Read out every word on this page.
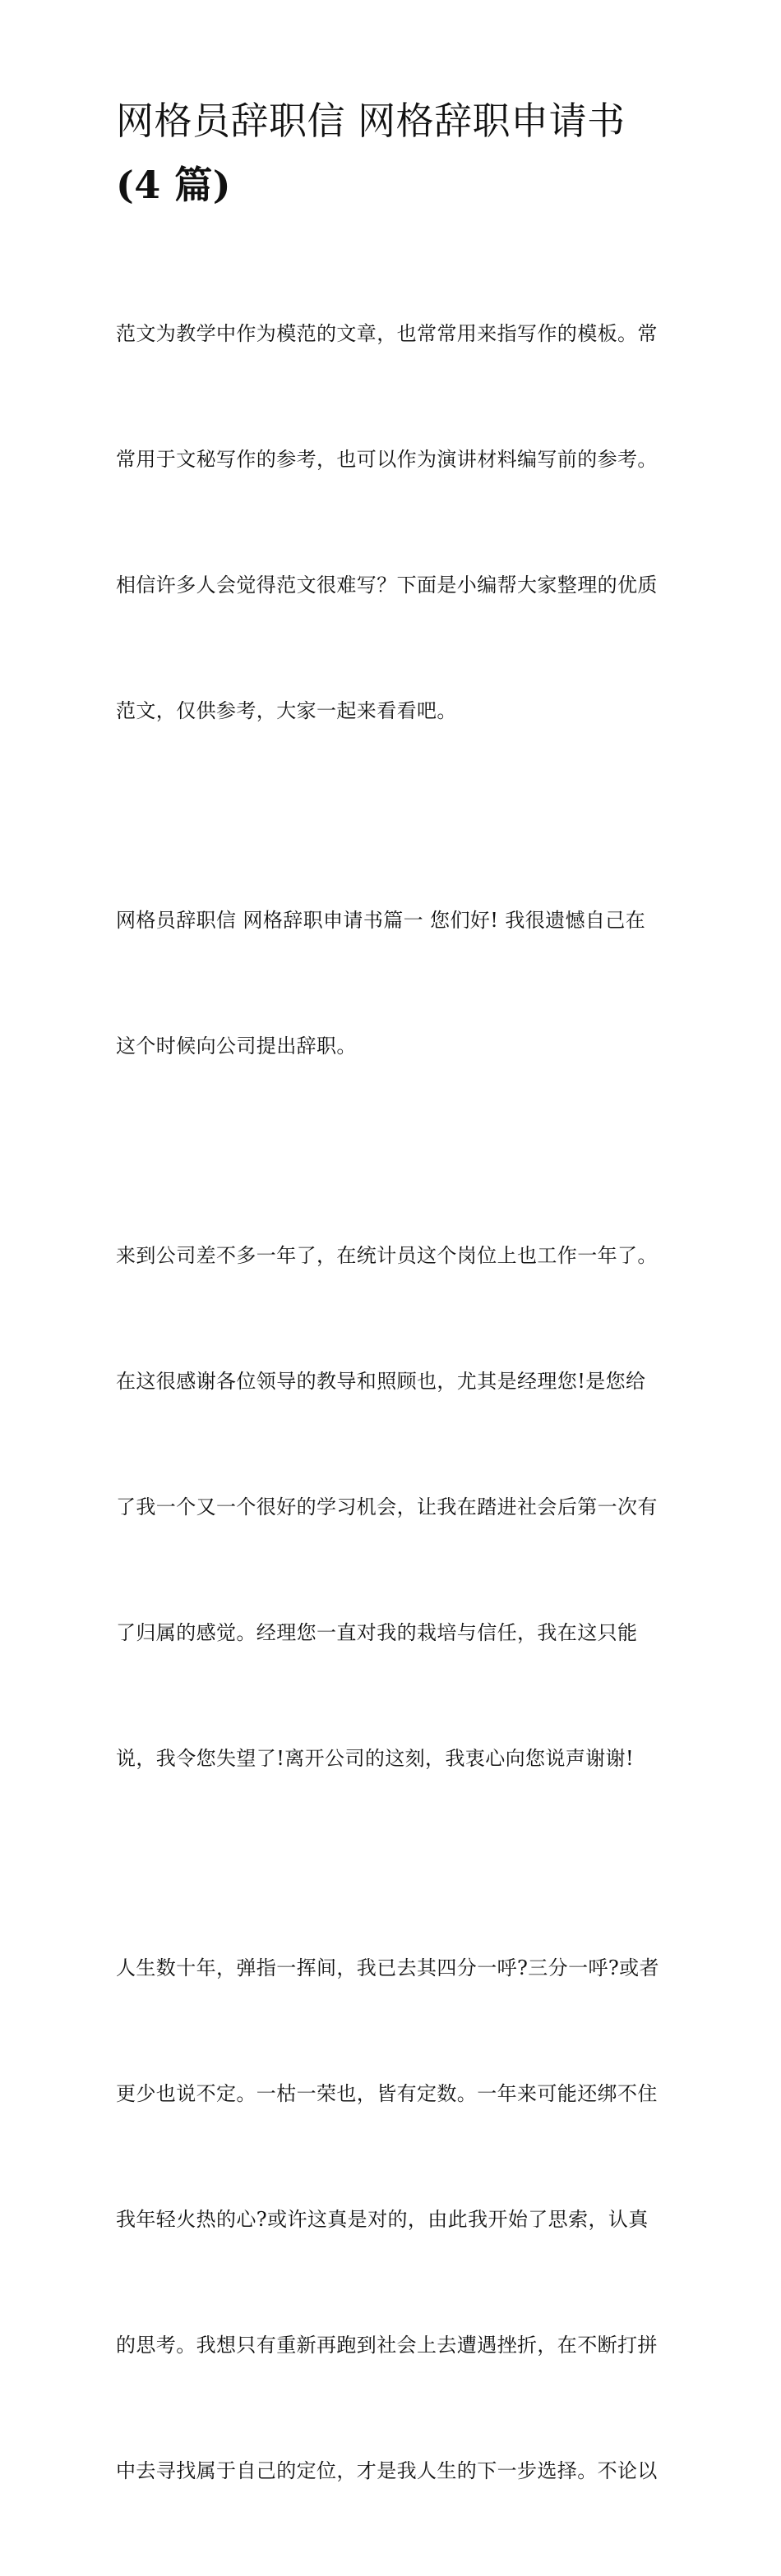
网格员辞职信 网格辞职申请书
(4 篇)

范文为教学中作为模范的文章，也常常用来指写作的模板。常

常用于文秘写作的参考，也可以作为演讲材料编写前的参考。

相信许多人会觉得范文很难写？下面是小编帮大家整理的优质

范文，仅供参考，大家一起来看看吧。

网格员辞职信 网格辞职申请书篇一 您们好! 我很遗憾自己在

这个时候向公司提出辞职。

来到公司差不多一年了，在统计员这个岗位上也工作一年了。

在这很感谢各位领导的教导和照顾也，尤其是经理您!是您给

了我一个又一个很好的学习机会，让我在踏进社会后第一次有

了归属的感觉。经理您一直对我的栽培与信任，我在这只能

说，我令您失望了!离开公司的这刻，我衷心向您说声谢谢!

人生数十年，弹指一挥间，我已去其四分一呼?三分一呼?或者

更少也说不定。一枯一荣也，皆有定数。一年来可能还绑不住

我年轻火热的心?或许这真是对的，由此我开始了思索，认真

的思考。我想只有重新再跑到社会上去遭遇挫折，在不断打拼

中去寻找属于自己的定位，才是我人生的下一步选择。不论以
